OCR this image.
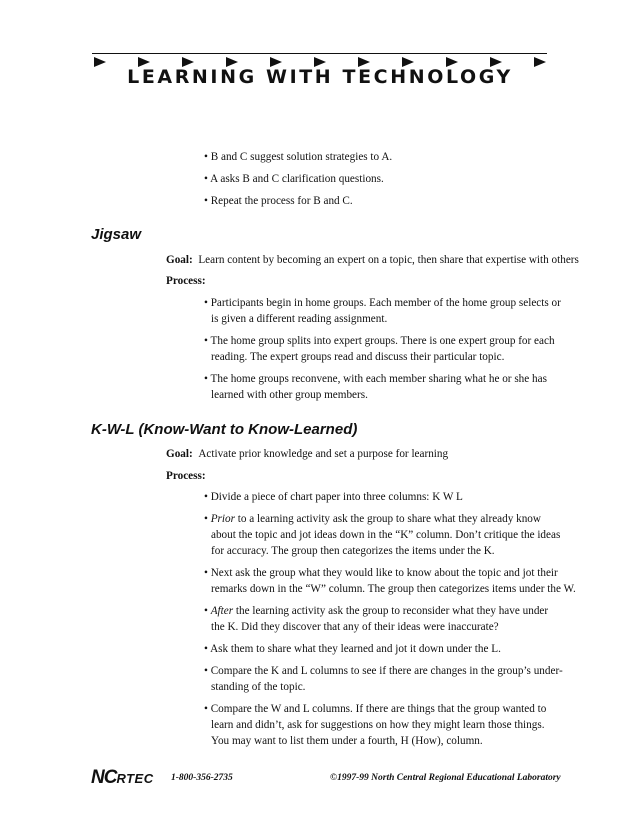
LEARNING WITH TECHNOLOGY
• B and C suggest solution strategies to A.
• A asks B and C clarification questions.
• Repeat the process for B and C.
Jigsaw
Goal: Learn content by becoming an expert on a topic, then share that expertise with others
Process:
• Participants begin in home groups. Each member of the home group selects or
is given a different reading assignment.
• The home group splits into expert groups. There is one expert group for each
reading. The expert groups read and discuss their particular topic.
• The home groups reconvene, with each member sharing what he or she has
learned with other group members.
K-W-L (Know-Want to Know-Learned)
Goal: Activate prior knowledge and set a purpose for learning
Process:
• Divide a piece of chart paper into three columns: K W L
• Prior to a learning activity ask the group to share what they already know
about the topic and jot ideas down in the “K” column. Don’t critique the ideas
for accuracy. The group then categorizes the items under the K.
• Next ask the group what they would like to know about the topic and jot their
remarks down in the “W” column. The group then categorizes items under the W.
• After the learning activity ask the group to reconsider what they have under
the K. Did they discover that any of their ideas were inaccurate?
• Ask them to share what they learned and jot it down under the L.
• Compare the K and L columns to see if there are changes in the group’s under-
standing of the topic.
• Compare the W and L columns. If there are things that the group wanted to
learn and didn’t, ask for suggestions on how they might learn those things.
You may want to list them under a fourth, H (How), column.
NCRTEC 1-800-356-2735	©1997-99 North Central Regional Educational Laboratory
